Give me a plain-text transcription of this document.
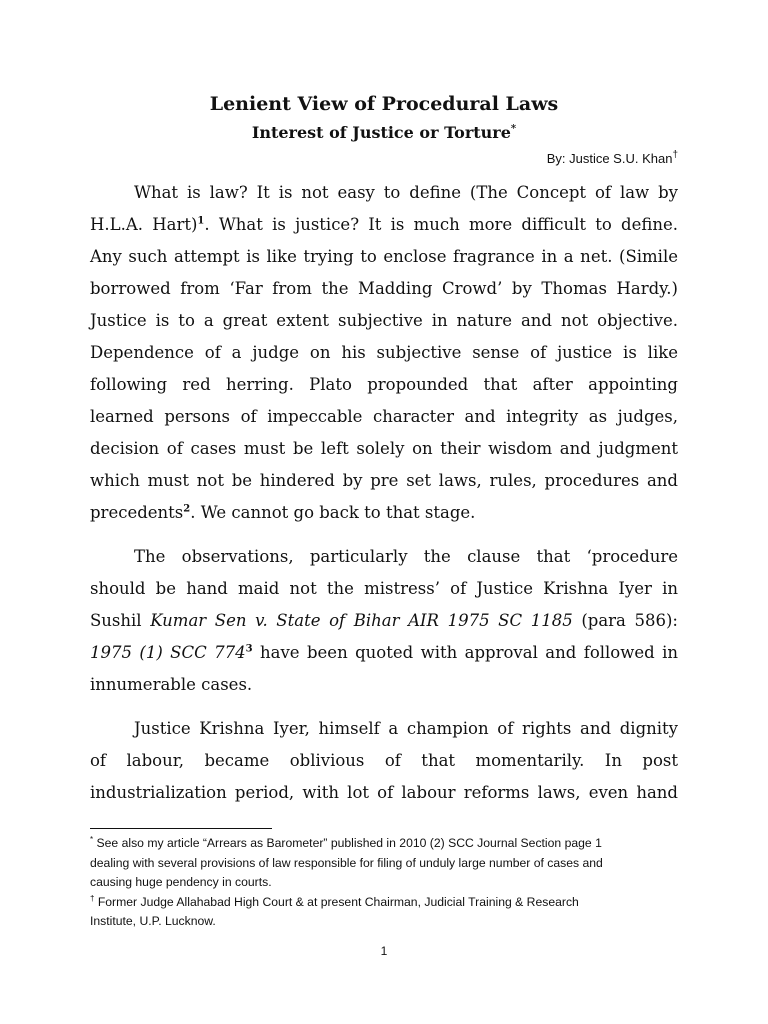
Lenient View of Procedural Laws
Interest of Justice or Torture*
By: Justice S.U. Khan†
What is law? It is not easy to define (The Concept of law by
H.L.A. Hart)$^1$. What is justice? It is much more difficult to define.
Any such attempt is like trying to enclose fragrance in a net. (Simile
borrowed from ‘Far from the Madding Crowd’ by Thomas Hardy.)
Justice is to a great extent subjective in nature and not objective.
Dependence of a judge on his subjective sense of justice is like
following red herring. Plato propounded that after appointing
learned persons of impeccable character and integrity as judges,
decision of cases must be left solely on their wisdom and judgment
which must not be hindered by pre set laws, rules, procedures and
precedents$^2$. We cannot go back to that stage.
The observations, particularly the clause that ‘procedure
should be hand maid not the mistress’ of Justice Krishna Iyer in
Sushil Kumar Sen v. State of Bihar AIR 1975 SC 1185 (para 586):
1975 (1) SCC $774^3$ have been quoted with approval and followed in
innumerable cases.
Justice Krishna Iyer, himself a champion of rights and dignity
of labour, became oblivious of that momentarily. In post
industrialization period, with lot of labour reforms laws, even hand
* See also my article “Arrears as Barometer” published in 2010 (2) SCC Journal Section page 1
dealing with several provisions of law responsible for filing of unduly large number of cases and
causing huge pendency in courts.
† Former Judge Allahabad High Court & at present Chairman, Judicial Training & Research
Institute, U.P. Lucknow.
1
